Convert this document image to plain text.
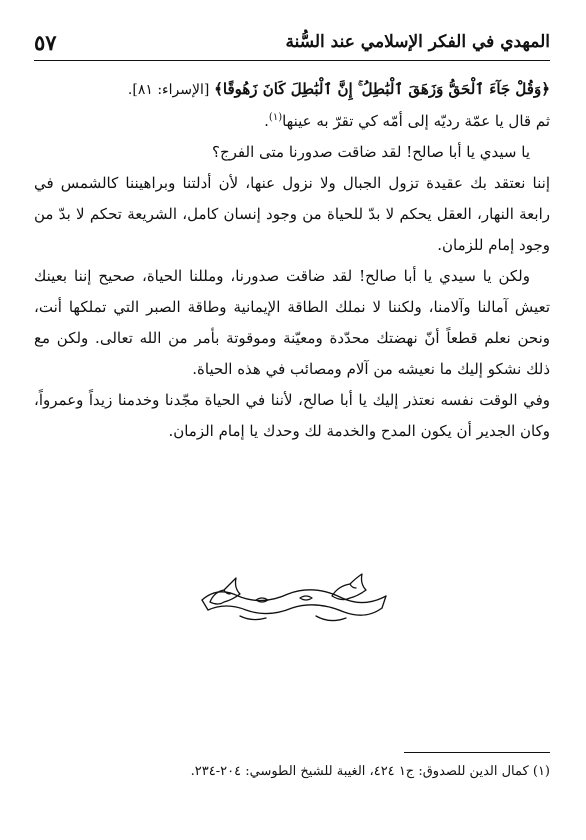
المهدي في الفكر الإسلامي عند السُّنة
٥٧

﴿وَقُلْ جَآءَ ٱلْحَقُّ وَزَهَقَ ٱلْبَٰطِلُ ۚ إِنَّ ٱلْبَٰطِلَ كَانَ زَهُوقًا﴾ [الإسراء: ٨١].

ثم قال يا عمّة رديّه إلى أمّه كي تقرّ به عينها$^{(١)}$.

يا سيدي يا أبا صالح! لقد ضاقت صدورنا متى الفرج؟

إننا نعتقد بك عقيدة تزول الجبال ولا نزول عنها، لأن أدلتنا وبراهيننا كالشمس في رابعة النهار، العقل يحكم لا بدّ للحياة من وجود إنسان كامل، الشريعة تحكم لا بدّ من وجود إمام للزمان.

ولكن يا سيدي يا أبا صالح! لقد ضاقت صدورنا، ومللنا الحياة، صحيح إننا بعينك تعيش آمالنا وآلامنا، ولكننا لا نملك الطاقة الإيمانية وطاقة الصبر التي تملكها أنت، ونحن نعلم قطعاً أنّ نهضتك محدّدة ومعيّنة وموقوتة بأمر من الله تعالى. ولكن مع ذلك نشكو إليك ما نعيشه من آلام ومصائب في هذه الحياة.

وفي الوقت نفسه نعتذر إليك يا أبا صالح، لأننا في الحياة مجّدنا وخدمنا زيداً وعمرواً، وكان الجدير أن يكون المدح والخدمة لك وحدك يا إمام الزمان.

(١) كمال الدين للصدوق: ج١ ٤٢٤، الغيبة للشيخ الطوسي: ٢٠٤-٢٣٤.
